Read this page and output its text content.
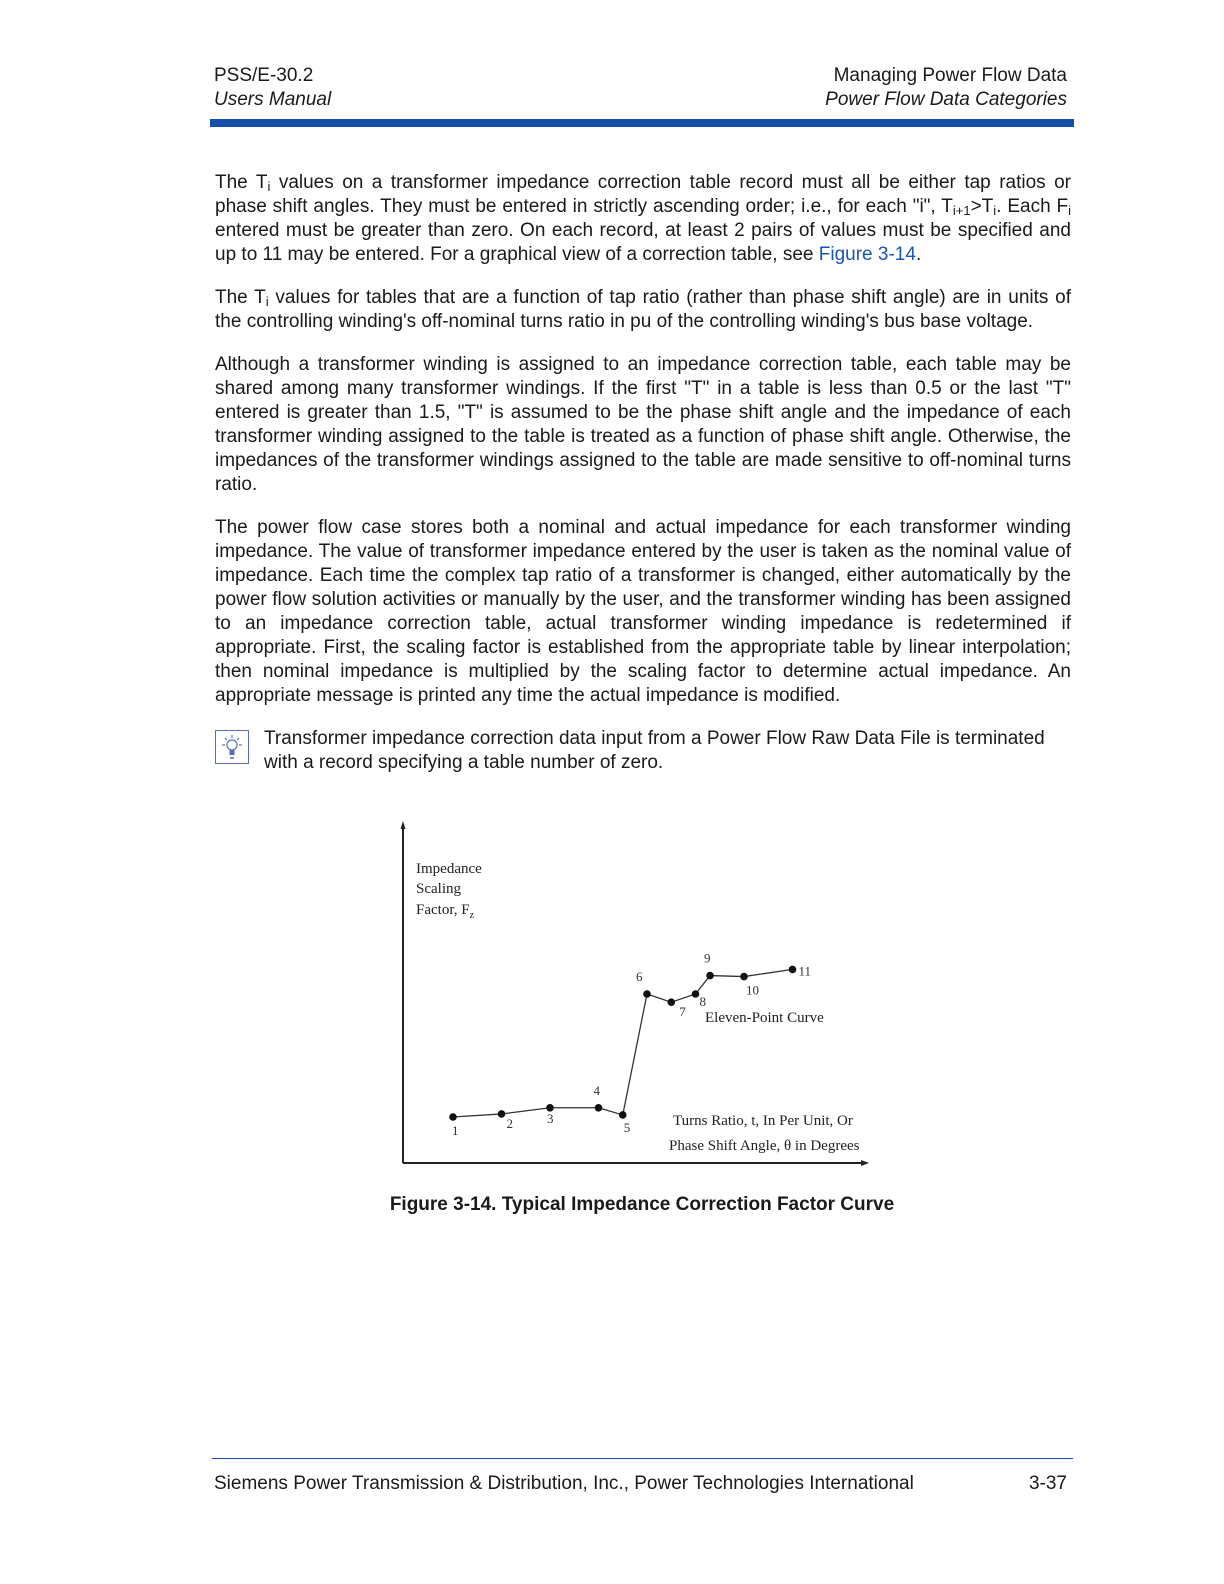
PSS/E-30.2	Managing Power Flow Data
Users Manual	Power Flow Data Categories

The $T_i$ values on a transformer impedance correction table record must all be either tap ratios or phase shift angles. They must be entered in strictly ascending order; i.e., for each "i", $T_{i+1}>T_i$. Each $F_i$ entered must be greater than zero. On each record, at least 2 pairs of values must be specified and up to 11 may be entered. For a graphical view of a correction table, see Figure 3-14.

The $T_i$ values for tables that are a function of tap ratio (rather than phase shift angle) are in units of the controlling winding's off-nominal turns ratio in pu of the controlling winding's bus base voltage.

Although a transformer winding is assigned to an impedance correction table, each table may be shared among many transformer windings. If the first "T" in a table is less than 0.5 or the last "T" entered is greater than 1.5, "T" is assumed to be the phase shift angle and the impedance of each transformer winding assigned to the table is treated as a function of phase shift angle. Otherwise, the impedances of the transformer windings assigned to the table are made sensitive to off-nominal turns ratio.

The power flow case stores both a nominal and actual impedance for each transformer winding impedance. The value of transformer impedance entered by the user is taken as the nominal value of impedance. Each time the complex tap ratio of a transformer is changed, either automatically by the power flow solution activities or manually by the user, and the transformer winding has been assigned to an impedance correction table, actual transformer winding impedance is redetermined if appropriate. First, the scaling factor is established from the appropriate table by linear interpolation; then nominal impedance is multiplied by the scaling factor to determine actual impedance. An appropriate message is printed any time the actual impedance is modified.

Transformer impedance correction data input from a Power Flow Raw Data File is terminated with a record specifying a table number of zero.
Impedance
Scaling
Factor, $F_z$
Eleven-Point Curve
Turns Ratio, t, In Per Unit, Or
Phase Shift Angle, θ in Degrees
1	2	3
4
5
6
7
8
9
10
11
Figure 3-14. Typical Impedance Correction Factor Curve
Siemens Power Transmission & Distribution, Inc., Power Technologies International	3-37
